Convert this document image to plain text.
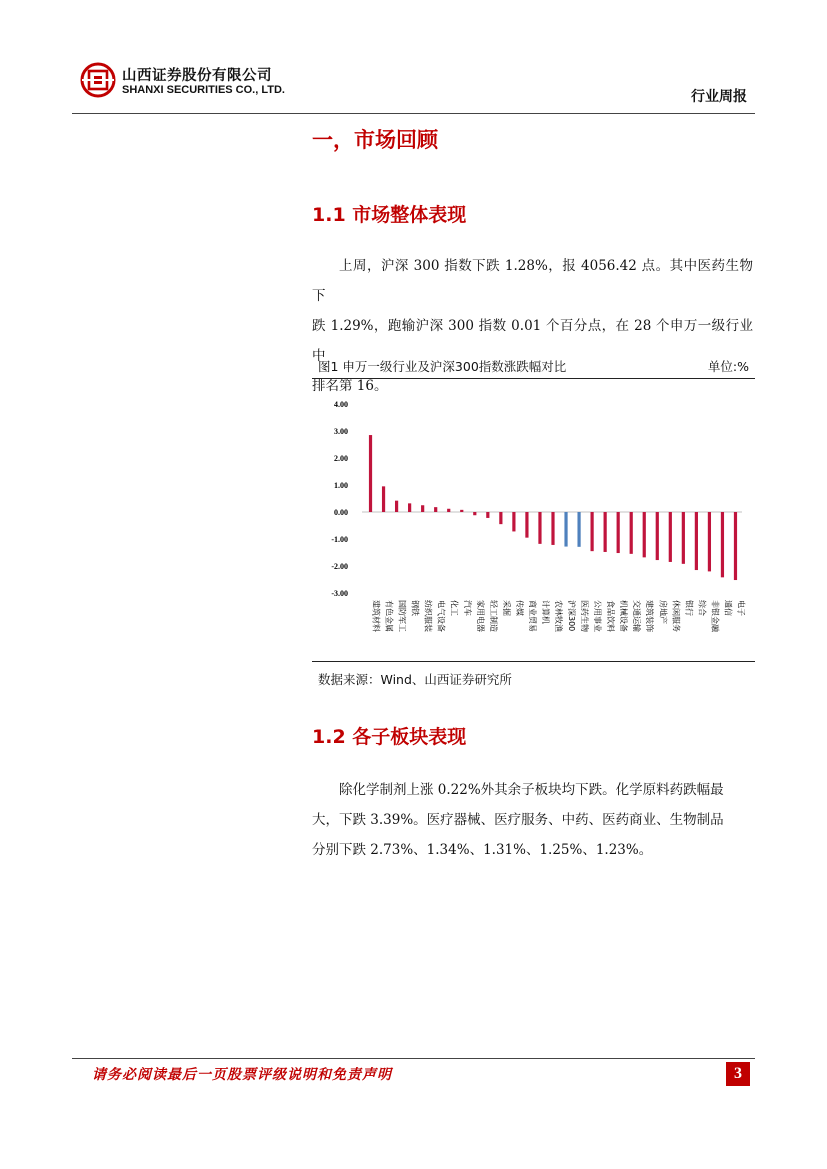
山西证券股份有限公司
SHANXI SECURITIES CO., LTD.	行业周报
一，市场回顾
1.1 市场整体表现
上周，沪深 300 指数下跌 1.28%，报 4056.42 点。其中医药生物下
跌 1.29%，跑输沪深 300 指数 0.01 个百分点，在 28 个申万一级行业中
排名第 16。
图1 申万一级行业及沪深300指数涨跌幅对比	单位:%
4.00
3.00
2.00
1.00
0.00
-1.00
-2.00
-3.00
建筑材料 有色金属 国防军工 钢铁 纺织服装 电气设备 化工 汽车 家用电器 轻工制造 采掘 传媒 商业贸易 计算机 农林牧渔 沪深300 医药生物 公用事业 食品饮料 机械设备 交通运输 建筑装饰 房地产 休闲服务 银行 综合 非银金融 通信 电子
数据来源：Wind、山西证券研究所
1.2 各子板块表现
除化学制剂上涨 0.22%外其余子板块均下跌。化学原料药跌幅最
大，下跌 3.39%。医疗器械、医疗服务、中药、医药商业、生物制品
分别下跌 2.73%、1.34%、1.31%、1.25%、1.23%。
请务必阅读最后一页股票评级说明和免责声明	3
